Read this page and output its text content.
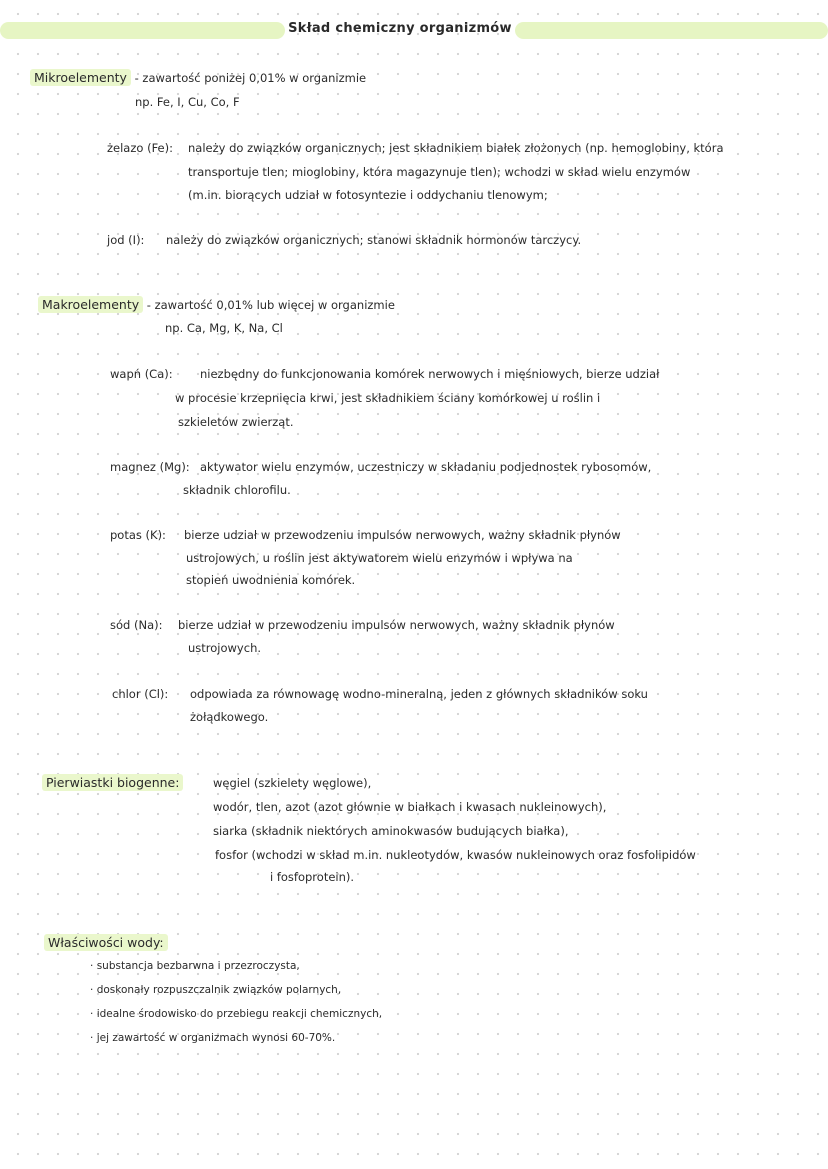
Skład chemiczny organizmów
Mikroelementy - zawartość poniżej 0,01% w organizmie
np. Fe, I, Cu, Co, F
żelazo (Fe): należy do związków organicznych; jest składnikiem białek złożonych (np. hemoglobiny, która
transportuje tlen; mioglobiny, która magazynuje tlen); wchodzi w skład wielu enzymów
(m.in. biorących udział w fotosyntezie i oddychaniu tlenowym;
jod (I): należy do związków organicznych; stanowi składnik hormonów tarczycy.
Makroelementy - zawartość 0,01% lub więcej w organizmie
np. Ca, Mg, K, Na, Cl
wapń (Ca): niezbędny do funkcjonowania komórek nerwowych i mięśniowych, bierze udział
w procesie krzepnięcia krwi, jest składnikiem ściany komórkowej u roślin i
szkieletów zwierząt.
magnez (Mg): aktywator wielu enzymów, uczestniczy w składaniu podjednostek rybosomów,
składnik chlorofilu.
potas (K): bierze udział w przewodzeniu impulsów nerwowych, ważny składnik płynów
ustrojowych, u roślin jest aktywatorem wielu enzymów i wpływa na
stopień uwodnienia komórek.
sód (Na): bierze udział w przewodzeniu impulsów nerwowych, ważny składnik płynów
ustrojowych.
chlor (Cl): odpowiada za równowagę wodno-mineralną, jeden z głównych składników soku
żołądkowego.
Pierwiastki biogenne:	węgiel (szkielety węglowe),
wodór, tlen, azot (azot głównie w białkach i kwasach nukleinowych),
siarka (składnik niektórych aminokwasów budujących białka),
fosfor (wchodzi w skład m.in. nukleotydów, kwasów nukleinowych oraz fosfolipidów
i fosfoprotein).
Właściwości wody:
· substancja bezbarwna i przezroczysta,
· doskonały rozpuszczalnik związków polarnych,
· idealne środowisko do przebiegu reakcji chemicznych,
· jej zawartość w organizmach wynosi 60-70%.
